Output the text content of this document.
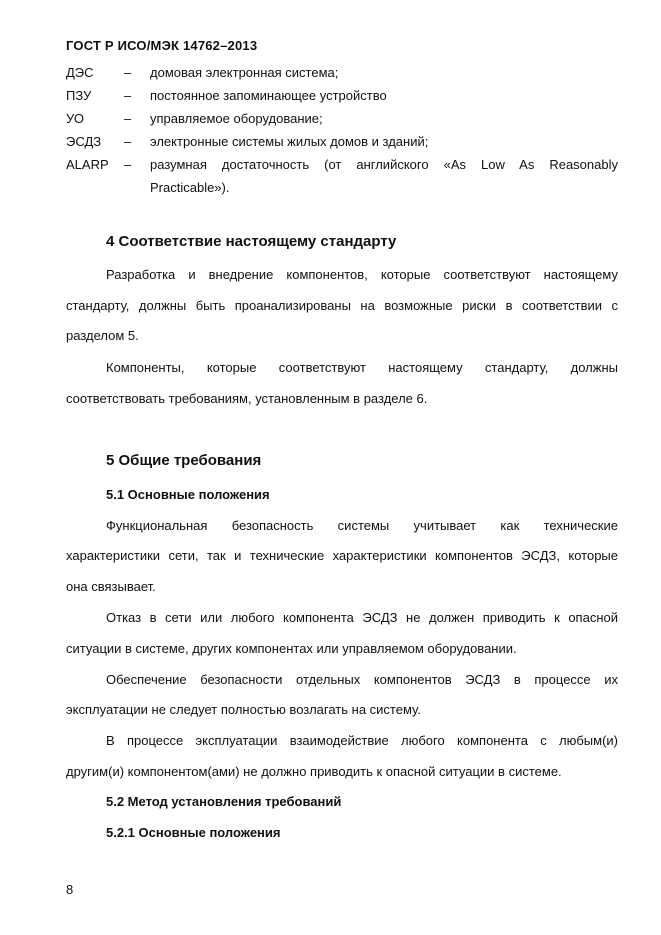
ГОСТ Р ИСО/МЭК 14762–2013
ДЭС – домовая электронная система;
ПЗУ	– постоянное запоминающее устройство
УО	– управляемое оборудование;
ЭСДЗ – электронные системы жилых домов и зданий;
ALARP – разумная достаточность (от английского «As Low As Reasonably
Practicable»).
4 Соответствие настоящему стандарту
Разработка и внедрение компонентов, которые соответствуют настоящему
стандарту, должны быть проанализированы на возможные риски в соответствии с
разделом 5.
Компоненты, которые соответствуют настоящему стандарту, должны
соответствовать требованиям, установленным в разделе 6.
5 Общие требования
5.1 Основные положения
Функциональная безопасность системы учитывает как технические
характеристики сети, так и технические характеристики компонентов ЭСДЗ, которые
она связывает.
Отказ в сети или любого компонента ЭСДЗ не должен приводить к опасной
ситуации в системе, других компонентах или управляемом оборудовании.
Обеспечение безопасности отдельных компонентов ЭСДЗ в процессе их
эксплуатации не следует полностью возлагать на систему.
В процессе эксплуатации взаимодействие любого компонента с любым(и)
другим(и) компонентом(ами) не должно приводить к опасной ситуации в системе.
5.2 Метод установления требований
5.2.1 Основные положения
8
